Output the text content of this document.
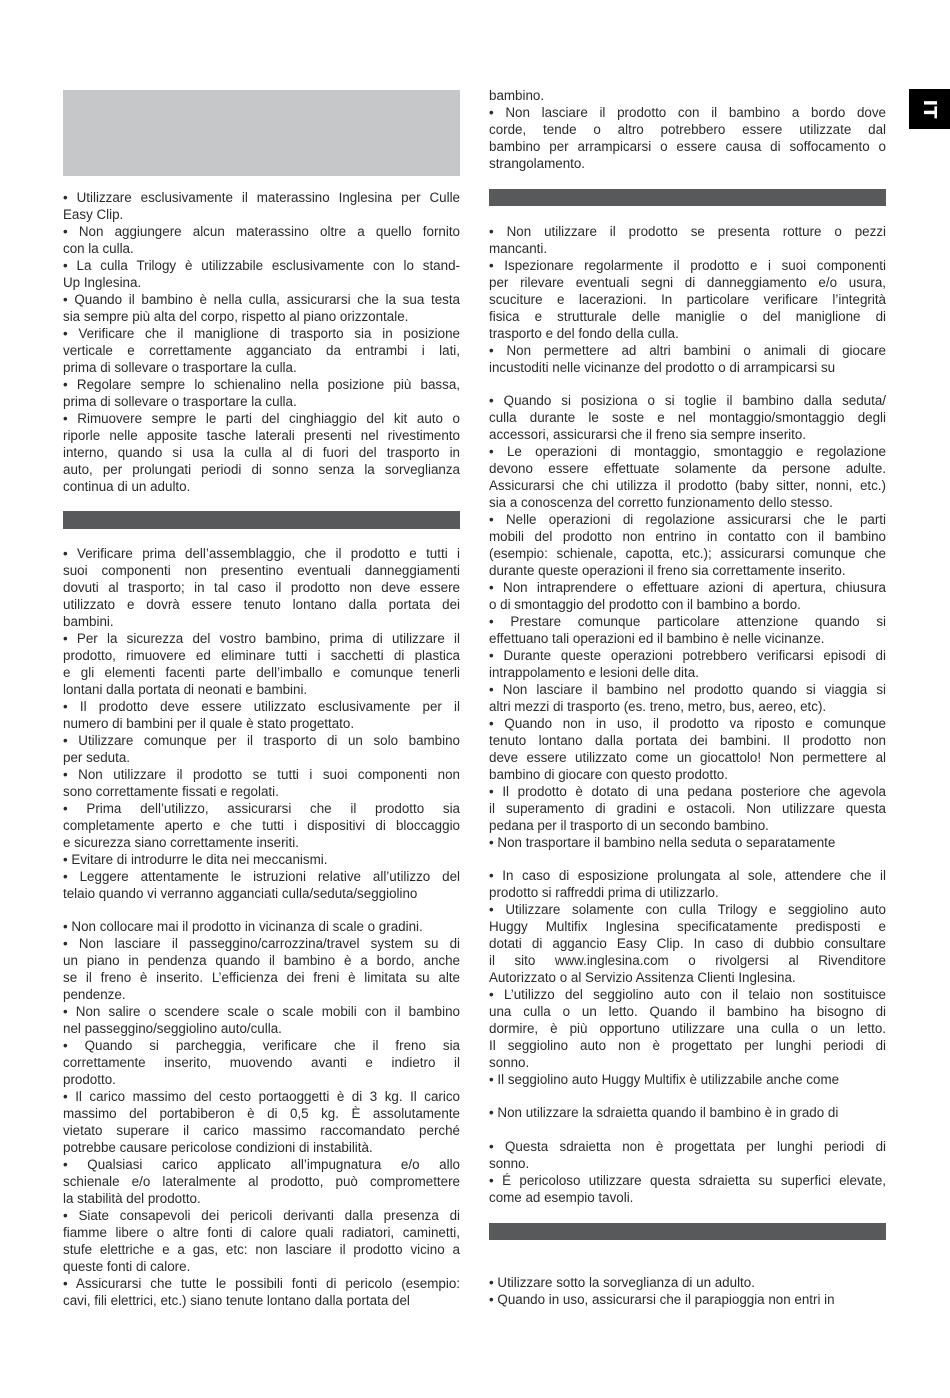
• Utilizzare esclusivamente il materassino Inglesina per Culle
Easy Clip.
• Non aggiungere alcun materassino oltre a quello fornito
con la culla.
• La culla Trilogy è utilizzabile esclusivamente con lo stand-
Up Inglesina.
• Quando il bambino è nella culla, assicurarsi che la sua testa
sia sempre più alta del corpo, rispetto al piano orizzontale.
• Verificare che il maniglione di trasporto sia in posizione
verticale e correttamente agganciato da entrambi i lati,
prima di sollevare o trasportare la culla.
• Regolare sempre lo schienalino nella posizione più bassa,
prima di sollevare o trasportare la culla.
• Rimuovere sempre le parti del cinghiaggio del kit auto o
riporle nelle apposite tasche laterali presenti nel rivestimento
interno, quando si usa la culla al di fuori del trasporto in
auto, per prolungati periodi di sonno senza la sorveglianza
continua di un adulto.
• Verificare prima dell’assemblaggio, che il prodotto e tutti i
suoi componenti non presentino eventuali danneggiamenti
dovuti al trasporto; in tal caso il prodotto non deve essere
utilizzato e dovrà essere tenuto lontano dalla portata dei
bambini.
• Per la sicurezza del vostro bambino, prima di utilizzare il
prodotto, rimuovere ed eliminare tutti i sacchetti di plastica
e gli elementi facenti parte dell’imballo e comunque tenerli
lontani dalla portata di neonati e bambini.
• Il prodotto deve essere utilizzato esclusivamente per il
numero di bambini per il quale è stato progettato.
• Utilizzare comunque per il trasporto di un solo bambino
per seduta.
• Non utilizzare il prodotto se tutti i suoi componenti non
sono correttamente fissati e regolati.
• Prima dell’utilizzo, assicurarsi che il prodotto sia
completamente aperto e che tutti i dispositivi di bloccaggio
e sicurezza siano correttamente inseriti.
• Evitare di introdurre le dita nei meccanismi.
• Leggere attentamente le istruzioni relative all’utilizzo del
telaio quando vi verranno agganciati culla/seduta/seggiolino
• Non collocare mai il prodotto in vicinanza di scale o gradini.
• Non lasciare il passeggino/carrozzina/travel system su di
un piano in pendenza quando il bambino è a bordo, anche
se il freno è inserito. L’efficienza dei freni è limitata su alte
pendenze.
• Non salire o scendere scale o scale mobili con il bambino
nel passeggino/seggiolino auto/culla.
• Quando si parcheggia, verificare che il freno sia
correttamente inserito, muovendo avanti e indietro il
prodotto.
• Il carico massimo del cesto portaoggetti è di 3 kg. Il carico
massimo del portabiberon è di 0,5 kg. È assolutamente
vietato superare il carico massimo raccomandato perché
potrebbe causare pericolose condizioni di instabilità.
• Qualsiasi carico applicato all’impugnatura e/o allo
schienale e/o lateralmente al prodotto, può compromettere
la stabilità del prodotto.
• Siate consapevoli dei pericoli derivanti dalla presenza di
fiamme libere o altre fonti di calore quali radiatori, caminetti,
stufe elettriche e a gas, etc: non lasciare il prodotto vicino a
queste fonti di calore.
• Assicurarsi che tutte le possibili fonti di pericolo (esempio:
cavi, fili elettrici, etc.) siano tenute lontano dalla portata del
bambino.
• Non lasciare il prodotto con il bambino a bordo dove
corde, tende o altro potrebbero essere utilizzate dal
bambino per arrampicarsi o essere causa di soffocamento o
strangolamento.
• Non utilizzare il prodotto se presenta rotture o pezzi
mancanti.
• Ispezionare regolarmente il prodotto e i suoi componenti
per rilevare eventuali segni di danneggiamento e/o usura,
scuciture e lacerazioni. In particolare verificare l’integrità
fisica e strutturale delle maniglie o del maniglione di
trasporto e del fondo della culla.
• Non permettere ad altri bambini o animali di giocare
incustoditi nelle vicinanze del prodotto o di arrampicarsi su
• Quando si posiziona o si toglie il bambino dalla seduta/
culla durante le soste e nel montaggio/smontaggio degli
accessori, assicurarsi che il freno sia sempre inserito.
• Le operazioni di montaggio, smontaggio e regolazione
devono essere effettuate solamente da persone adulte.
Assicurarsi che chi utilizza il prodotto (baby sitter, nonni, etc.)
sia a conoscenza del corretto funzionamento dello stesso.
• Nelle operazioni di regolazione assicurarsi che le parti
mobili del prodotto non entrino in contatto con il bambino
(esempio: schienale, capotta, etc.); assicurarsi comunque che
durante queste operazioni il freno sia correttamente inserito.
• Non intraprendere o effettuare azioni di apertura, chiusura
o di smontaggio del prodotto con il bambino a bordo.
• Prestare comunque particolare attenzione quando si
effettuano tali operazioni ed il bambino è nelle vicinanze.
• Durante queste operazioni potrebbero verificarsi episodi di
intrappolamento e lesioni delle dita.
• Non lasciare il bambino nel prodotto quando si viaggia si
altri mezzi di trasporto (es. treno, metro, bus, aereo, etc).
• Quando non in uso, il prodotto va riposto e comunque
tenuto lontano dalla portata dei bambini. Il prodotto non
deve essere utilizzato come un giocattolo! Non permettere al
bambino di giocare con questo prodotto.
• Il prodotto è dotato di una pedana posteriore che agevola
il superamento di gradini e ostacoli. Non utilizzare questa
pedana per il trasporto di un secondo bambino.
• Non trasportare il bambino nella seduta o separatamente
• In caso di esposizione prolungata al sole, attendere che il
prodotto si raffreddi prima di utilizzarlo.
• Utilizzare solamente con culla Trilogy e seggiolino auto
Huggy Multifix Inglesina specificatamente predisposti e
dotati di aggancio Easy Clip. In caso di dubbio consultare
il sito www.inglesina.com o rivolgersi al Rivenditore
Autorizzato o al Servizio Assitenza Clienti Inglesina.
• L’utilizzo del seggiolino auto con il telaio non sostituisce
una culla o un letto. Quando il bambino ha bisogno di
dormire, è più opportuno utilizzare una culla o un letto.
Il seggiolino auto non è progettato per lunghi periodi di
sonno.
• Il seggiolino auto Huggy Multifix è utilizzabile anche come
• Non utilizzare la sdraietta quando il bambino è in grado di
• Questa sdraietta non è progettata per lunghi periodi di
sonno.
• É pericoloso utilizzare questa sdraietta su superfici elevate,
come ad esempio tavoli.
• Utilizzare sotto la sorveglianza di un adulto.
• Quando in uso, assicurarsi che il parapioggia non entri in
IT
